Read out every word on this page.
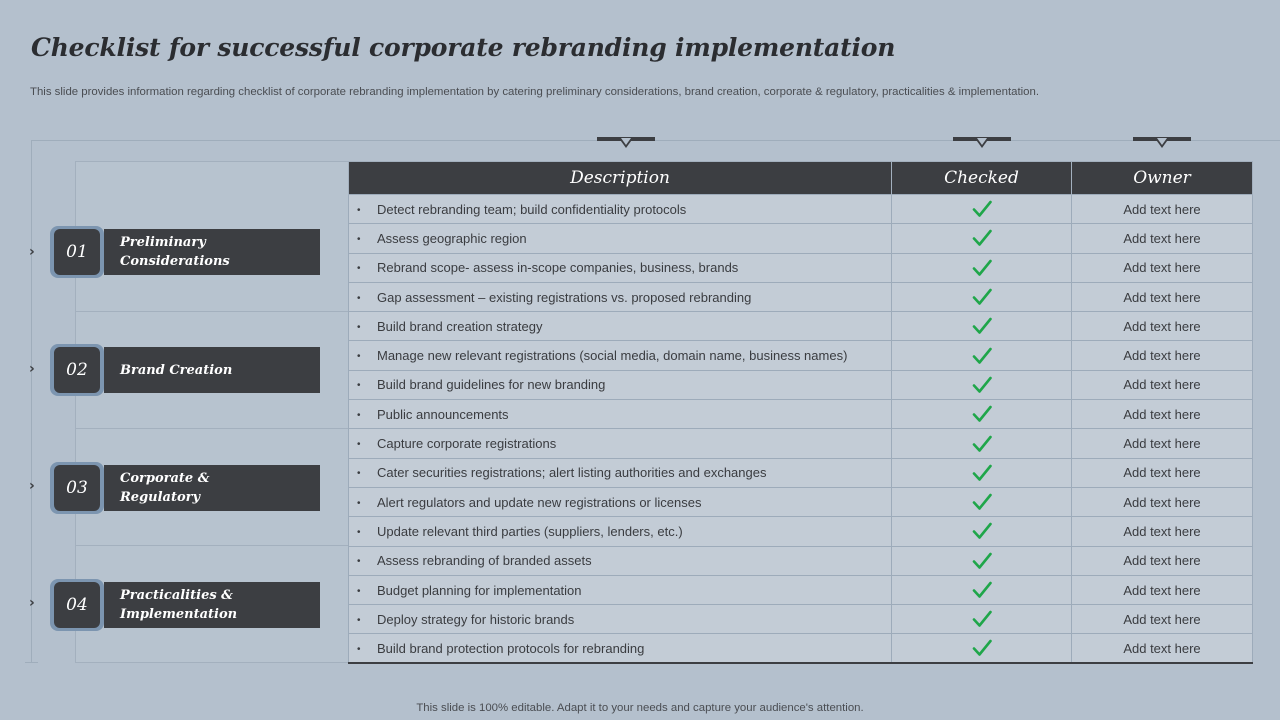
Checklist for successful corporate rebranding implementation
This slide provides information regarding checklist of corporate rebranding implementation by catering preliminary considerations, brand creation, corporate & regulatory, practicalities & implementation.
›
›
›
›
01	Preliminary Considerations
02	Brand Creation
03	Corporate & Regulatory
04	Practicalities & Implementation
Description	Checked	Owner
• Detect rebranding team; build confidentiality protocols		Add text here
• Assess geographic region		Add text here
• Rebrand scope- assess in-scope companies, business, brands		Add text here
• Gap assessment – existing registrations vs. proposed rebranding		Add text here
• Build brand creation strategy		Add text here
• Manage new relevant registrations (social media, domain name, business names)		Add text here
• Build brand guidelines for new branding		Add text here
• Public announcements		Add text here
• Capture corporate registrations		Add text here
• Cater securities registrations; alert listing authorities and exchanges		Add text here
• Alert regulators and update new registrations or licenses		Add text here
• Update relevant third parties (suppliers, lenders, etc.)		Add text here
• Assess rebranding of branded assets		Add text here
• Budget planning for implementation		Add text here
• Deploy strategy for historic brands		Add text here
• Build brand protection protocols for rebranding		Add text here
This slide is 100% editable. Adapt it to your needs and capture your audience's attention.
